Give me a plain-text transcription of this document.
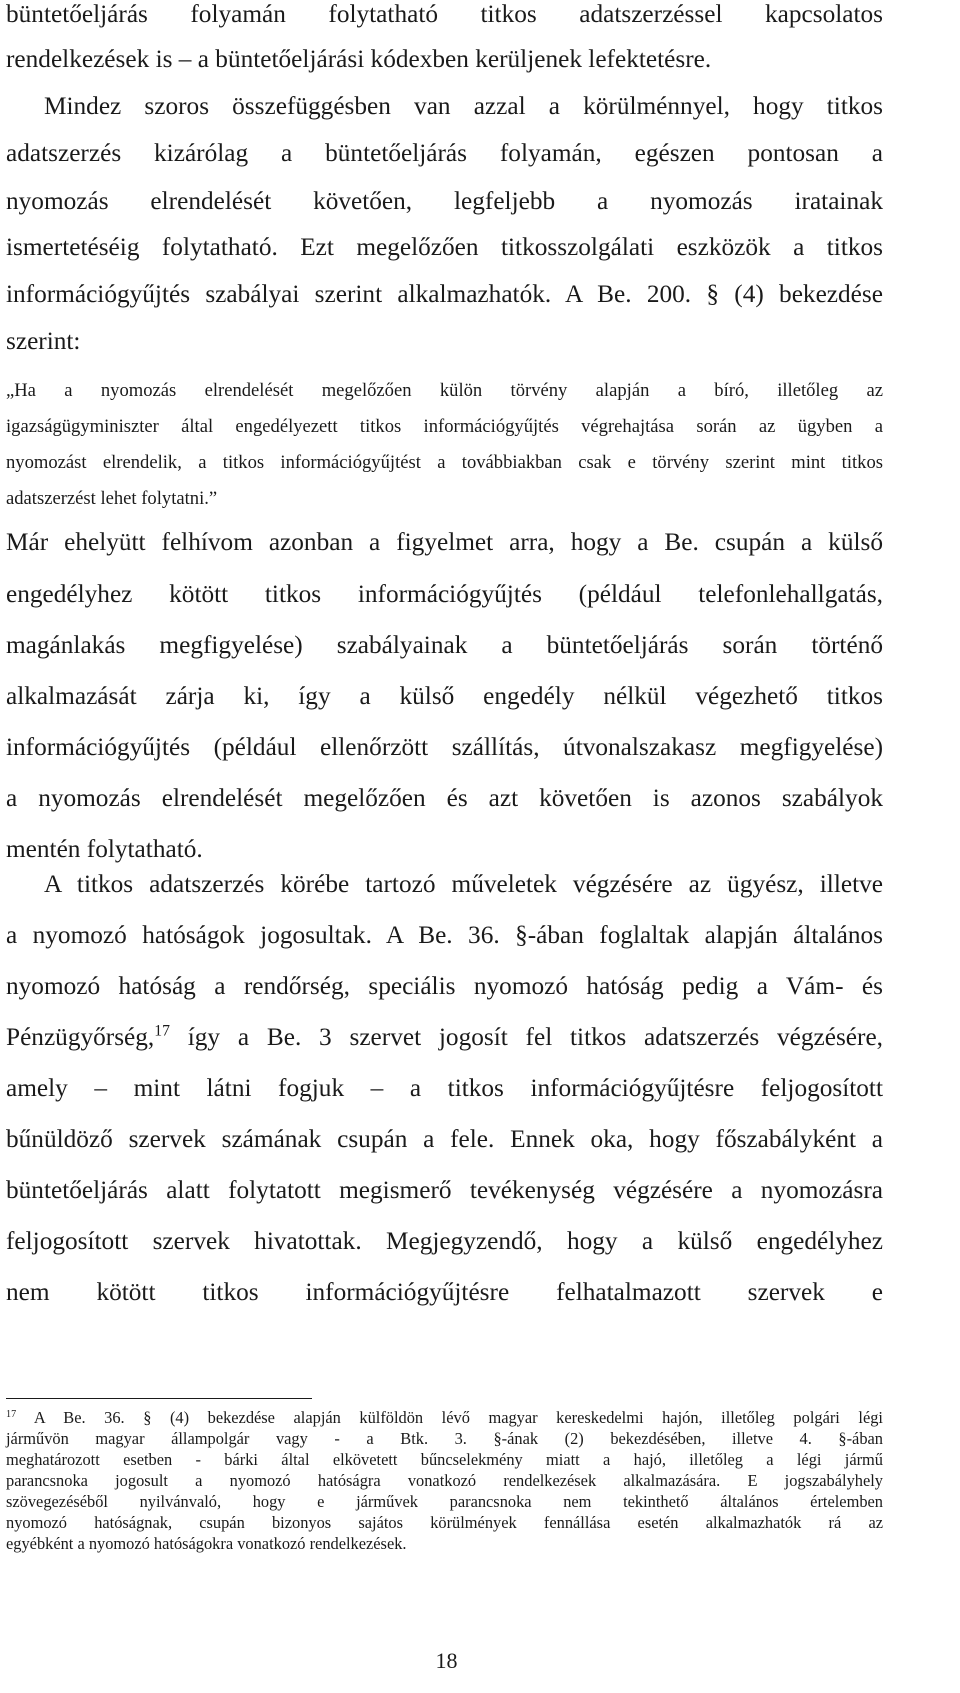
büntetőeljárás folyamán folytatható titkos adatszerzéssel kapcsolatos
rendelkezések is – a büntetőeljárási kódexben kerüljenek lefektetésre.
Mindez szoros összefüggésben van azzal a körülménnyel, hogy titkos
adatszerzés kizárólag a büntetőeljárás folyamán, egészen pontosan a
nyomozás elrendelését követően, legfeljebb a nyomozás iratainak
ismertetéséig folytatható. Ezt megelőzően titkosszolgálati eszközök a titkos
információgyűjtés szabályai szerint alkalmazhatók. A Be. 200. § (4) bekezdése
szerint:
„Ha a nyomozás elrendelését megelőzően külön törvény alapján a bíró, illetőleg az
igazságügyminiszter által engedélyezett titkos információgyűjtés végrehajtása során az ügyben a
nyomozást elrendelik, a titkos információgyűjtést a továbbiakban csak e törvény szerint mint titkos
adatszerzést lehet folytatni.”
Már ehelyütt felhívom azonban a figyelmet arra, hogy a Be. csupán a külső
engedélyhez kötött titkos információgyűjtés (például telefonlehallgatás,
magánlakás megfigyelése) szabályainak a büntetőeljárás során történő
alkalmazását zárja ki, így a külső engedély nélkül végezhető titkos
információgyűjtés (például ellenőrzött szállítás, útvonalszakasz megfigyelése)
a nyomozás elrendelését megelőzően és azt követően is azonos szabályok
mentén folytatható.
A titkos adatszerzés körébe tartozó műveletek végzésére az ügyész, illetve
a nyomozó hatóságok jogosultak. A Be. 36. §-ában foglaltak alapján általános
nyomozó hatóság a rendőrség, speciális nyomozó hatóság pedig a Vám- és
Pénzügyőrség,$^{17}$ így a Be. 3 szervet jogosít fel titkos adatszerzés végzésére,
amely – mint látni fogjuk – a titkos információgyűjtésre feljogosított
bűnüldöző szervek számának csupán a fele. Ennek oka, hogy főszabályként a
büntetőeljárás alatt folytatott megismerő tevékenység végzésére a nyomozásra
feljogosított szervek hivatottak. Megjegyzendő, hogy a külső engedélyhez
nem kötött titkos információgyűjtésre felhatalmazott szervek e
$^{17}$ A Be. 36. § (4) bekezdése alapján külföldön lévő magyar kereskedelmi hajón, illetőleg polgári légi
járművön magyar állampolgár vagy - a Btk. 3. §-ának (2) bekezdésében, illetve 4. §-ában
meghatározott esetben - bárki által elkövetett bűncselekmény miatt a hajó, illetőleg a légi jármű
parancsnoka jogosult a nyomozó hatóságra vonatkozó rendelkezések alkalmazására. E jogszabályhely
szövegezéséből nyilvánvaló, hogy e járművek parancsnoka nem tekinthető általános értelemben
nyomozó hatóságnak, csupán bizonyos sajátos körülmények fennállása esetén alkalmazhatók rá az
egyébként a nyomozó hatóságokra vonatkozó rendelkezések.
18
